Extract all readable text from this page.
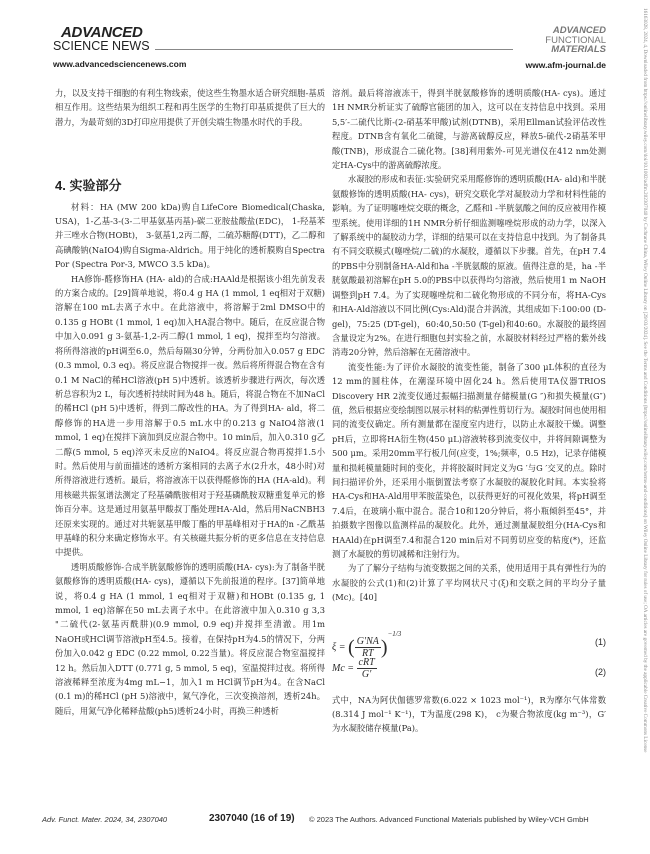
ADVANCED
SCIENCE NEWS
www.advancedsciencenews.com
ADVANCED
FUNCTIONAL
MATERIALS
www.afm-journal.de

力，以及支持干细胞的有利生物线索，使这些生物墨水适合研究细胞-基质相互作用。这些结果为组织工程和再生医学的生物打印基质提供了巨大的潜力，为最苛刻的3D打印应用提供了开创尖端生物墨水时代的手段。

4. 实验部分

材料：HA (MW 200 kDa)购自LifeCore Biomedical(Chaska, USA)，1-乙基-3-(3-二甲基氨基丙基)-碳二亚胺盐酸盐(EDC)， 1-羟基苯并三唑水合物(HOBt)， 3-氨基1,2丙二醇，二硫苏糖醇(DTT)，乙二醇和高碘酸钠(NaIO4)购自Sigma-Aldrich。用于纯化的透析膜购自Spectra Por (Spectra Por-3, MWCO 3.5 kDa)。

HA修饰-醛修饰HA (HA- ald)的合成:HAAld是根据该小组先前发表的方案合成的。[29]简单地说，将0.4 g HA (1 mmol, 1 eq相对于双糖)溶解在100 mL去离子水中。在此溶液中，将溶解于2ml DMSO中的0.135 g HOBt (1 mmol, 1 eq)加入HA混合物中。随后，在反应混合物中加入0.091 g 3-氨基-1,2-丙二醇(1 mmol, 1 eq)，搅拌至均匀溶液。将所得溶液的pH调至6.0，然后每隔30分钟，分两份加入0.057 g EDC (0.3 mmol, 0.3 eq)。将反应混合物搅拌一夜。然后将所得混合物在含有0.1 M NaCl的稀HCl溶液(pH 5)中透析。该透析步骤进行两次，每次透析总容积为2 L，每次透析持续时间为48 h。随后，将混合物在不加NaCl的稀HCl (pH 5)中透析，得到二醇改性的HA。为了得到HA- ald，将二醇修饰的HA进一步用溶解于0.5 mL水中的0.213 g NaIO4溶液(1 mmol, 1 eq)在搅拌下滴加到反应混合物中。10 min后，加入0.310 g乙二醇(5 mmol, 5 eq)淬灭未反应的NaIO4。将反应混合物再搅拌1.5小时。然后使用与前面描述的透析方案相同的去离子水(2升水，48小时)对所得溶液进行透析。最后，将溶液冻干以获得醛修饰的HA (HA-ald)。利用核磁共振氢谱法测定了羟基磷酰胺相对于羟基磷酰胺双糖重复单元的修饰百分率。这是通过用氨基甲酸叔丁酯处理HA-Ald，然后用NaCNBH3还原来实现的。通过对共轭氨基甲酸丁酯的甲基峰相对于HA的n -乙酰基甲基峰的积分来确定修饰水平。有关核磁共振分析的更多信息在支持信息中提供。

透明质酸修饰-合成半胱氨酸修饰的透明质酸(HA- cys):为了制备半胱氨酸修饰的透明质酸(HA- cys)，遵循以下先前报道的程序。[37]简单地说，将0.4 g HA (1 mmol, 1 eq相对于双糖)和HOBt (0.135 g, 1 mmol, 1 eq)溶解在50 mL去离子水中。在此溶液中加入0.310 g 3,3 "二硫代(2-氨基丙酰肼)(0.9 mmol, 0.9 eq)并搅拌至清澈。用1m NaOH或HCl调节溶液pH至4.5。接着，在保持pH为4.5的情况下，分两份加入0.042 g EDC (0.22 mmol, 0.22当量)。将反应混合物室温搅拌12 h。然后加入DTT (0.771 g, 5 mmol, 5 eq)，室温搅拌过夜。将所得溶液稀释至浓度为4mg mL−1，加入1 m HCl调节pH为4。在含NaCl (0.1 m)的稀HCl (pH 5)溶液中，氮气净化，三次变换溶剂，透析24h。随后，用氮气净化稀释盐酸(ph5)透析24小时，再换三种透析

溶剂。最后将溶液冻干，得到半胱氨酸修饰的透明质酸(HA- cys)。通过1H NMR分析证实了硫醇官能团的加入，这可以在支持信息中找到。采用5,5′-二硫代比斯-(2-硝基苯甲酸)试剂(DTNB)，采用Ellman试验评估改性程度。DTNB含有氧化二硫键，与游离硫醇反应，释放5-硫代-2硝基苯甲酸(TNB)，形成混合二硫化物。[38]利用紫外-可见光谱仪在412 nm处测定HA-Cys中的游离硫醇浓度。

水凝胶的形成和表征:实验研究采用醛修饰的透明质酸(HA- ald)和半胱氨酸修饰的透明质酸(HA- cys)，研究交联化学对凝胶动力学和材料性能的影响。为了证明噻唑烷交联的概念，乙醛和l -半胱氨酸之间的反应被用作模型系统。使用详细的1H NMR分析仔细监测噻唑烷形成的动力学，以深入了解系统中的凝胶动力学，详细的结果可以在支持信息中找到。为了制备具有不同交联模式(噻唑烷/二硫)的水凝胶，遵循以下步骤。首先，在pH 7.4的PBS中分别制备HA-Ald和ha -半胱氨酸的原液。值得注意的是，ha -半胱氨酸最初溶解在pH 5.0的PBS中以获得均匀溶液，然后使用1 m NaOH调整到pH 7.4。为了实现噻唑烷和二硫化物形成的不同分布，将HA-Cys和HA-Ald溶液以不同比例(Cys:Ald)混合并涡流，其组成如下:100:00 (D-gel)，75:25 (DT-gel)，60:40,50:50 (T-gel)和40:60。水凝胶的最终固含量设定为2%。在进行细胞包封实验之前，水凝胶材料经过严格的紫外线消毒20分钟，然后溶解在无菌溶液中。

流变性能:为了评价水凝胶的流变性能，制备了300 μL体积的直径为12 mm的圆柱体，在潮湿环境中固化24 h。然后使用TA仪器TRIOS Discovery HR 2流变仪通过振幅扫描测量存储模量(G ″)和损失模量(G″)值，然后根据应变绘制图以展示材料的粘弹性剪切行为。凝胶时间也使用相同的流变仪确定。所有测量都在湿度室内进行，以防止水凝胶干燥。调整pH后，立即将HA衍生物(450 μL)溶液转移到流变仪中，并将间隙调整为500 μm。采用20mm平行板几何(应变，1%;频率，0.5 Hz)，记录存储模量和损耗模量随时间的变化，并将胶凝时间定义为G ′与G ′交叉的点。除时间扫描评价外，还采用小瓶倒置法考察了水凝胶的凝胶化时间。本实验将HA-Cys和HA-Ald用甲苯胺蓝染色，以获得更好的可视化效果，将pH调至7.4后，在玻璃小瓶中混合。混合10和120分钟后，将小瓶倾斜至45°，并拍摄数字图像以监测样品的凝胶化。此外，通过测量凝胶组分(HA-Cys和HAAld)在pH调至7.4和混合120 min后对不同剪切应变的粘度(*)，还监测了水凝胶的剪切减稀和注射行为。

为了了解分子结构与流变数据之间的关系，使用适用于具有弹性行为的水凝胶的公式(1)和(2)计算了平均网状尺寸(ξ)和交联之间的平均分子量(Mc)。[40]

ξ = ( $\frac{G'NA}{RT} )^{-1/3}$
(1)
$Mc = \frac{\text{cRT}}{G'}$	(2)

式中，NA为阿伏伽德罗常数(6.022 × 1023 mol⁻¹)，R为摩尔气体常数(8.314 J mol⁻¹ K⁻¹)，T为温度(298 K)， c为聚合物浓度(kg m⁻³)，G′ 为水凝胶储存模量(Pa)。

Adv. Funct. Mater. 2024, 34, 2307040	2307040 (16 of 19) © 2023 The Authors. Advanced Functional Materials published by Wiley-VCH GmbH
16163028, 2024, 4, Downloaded from https://onlinelibrary.wiley.com/doi/10.1002/adfm.202307040 by Cochrane China, Wiley Online Library on [29/03/2024]. See the Terms and Conditions (https://onlinelibrary.wiley.com/terms-and-conditions) on Wiley Online Library for rules of use; OA articles are governed by the applicable Creative Commons License
